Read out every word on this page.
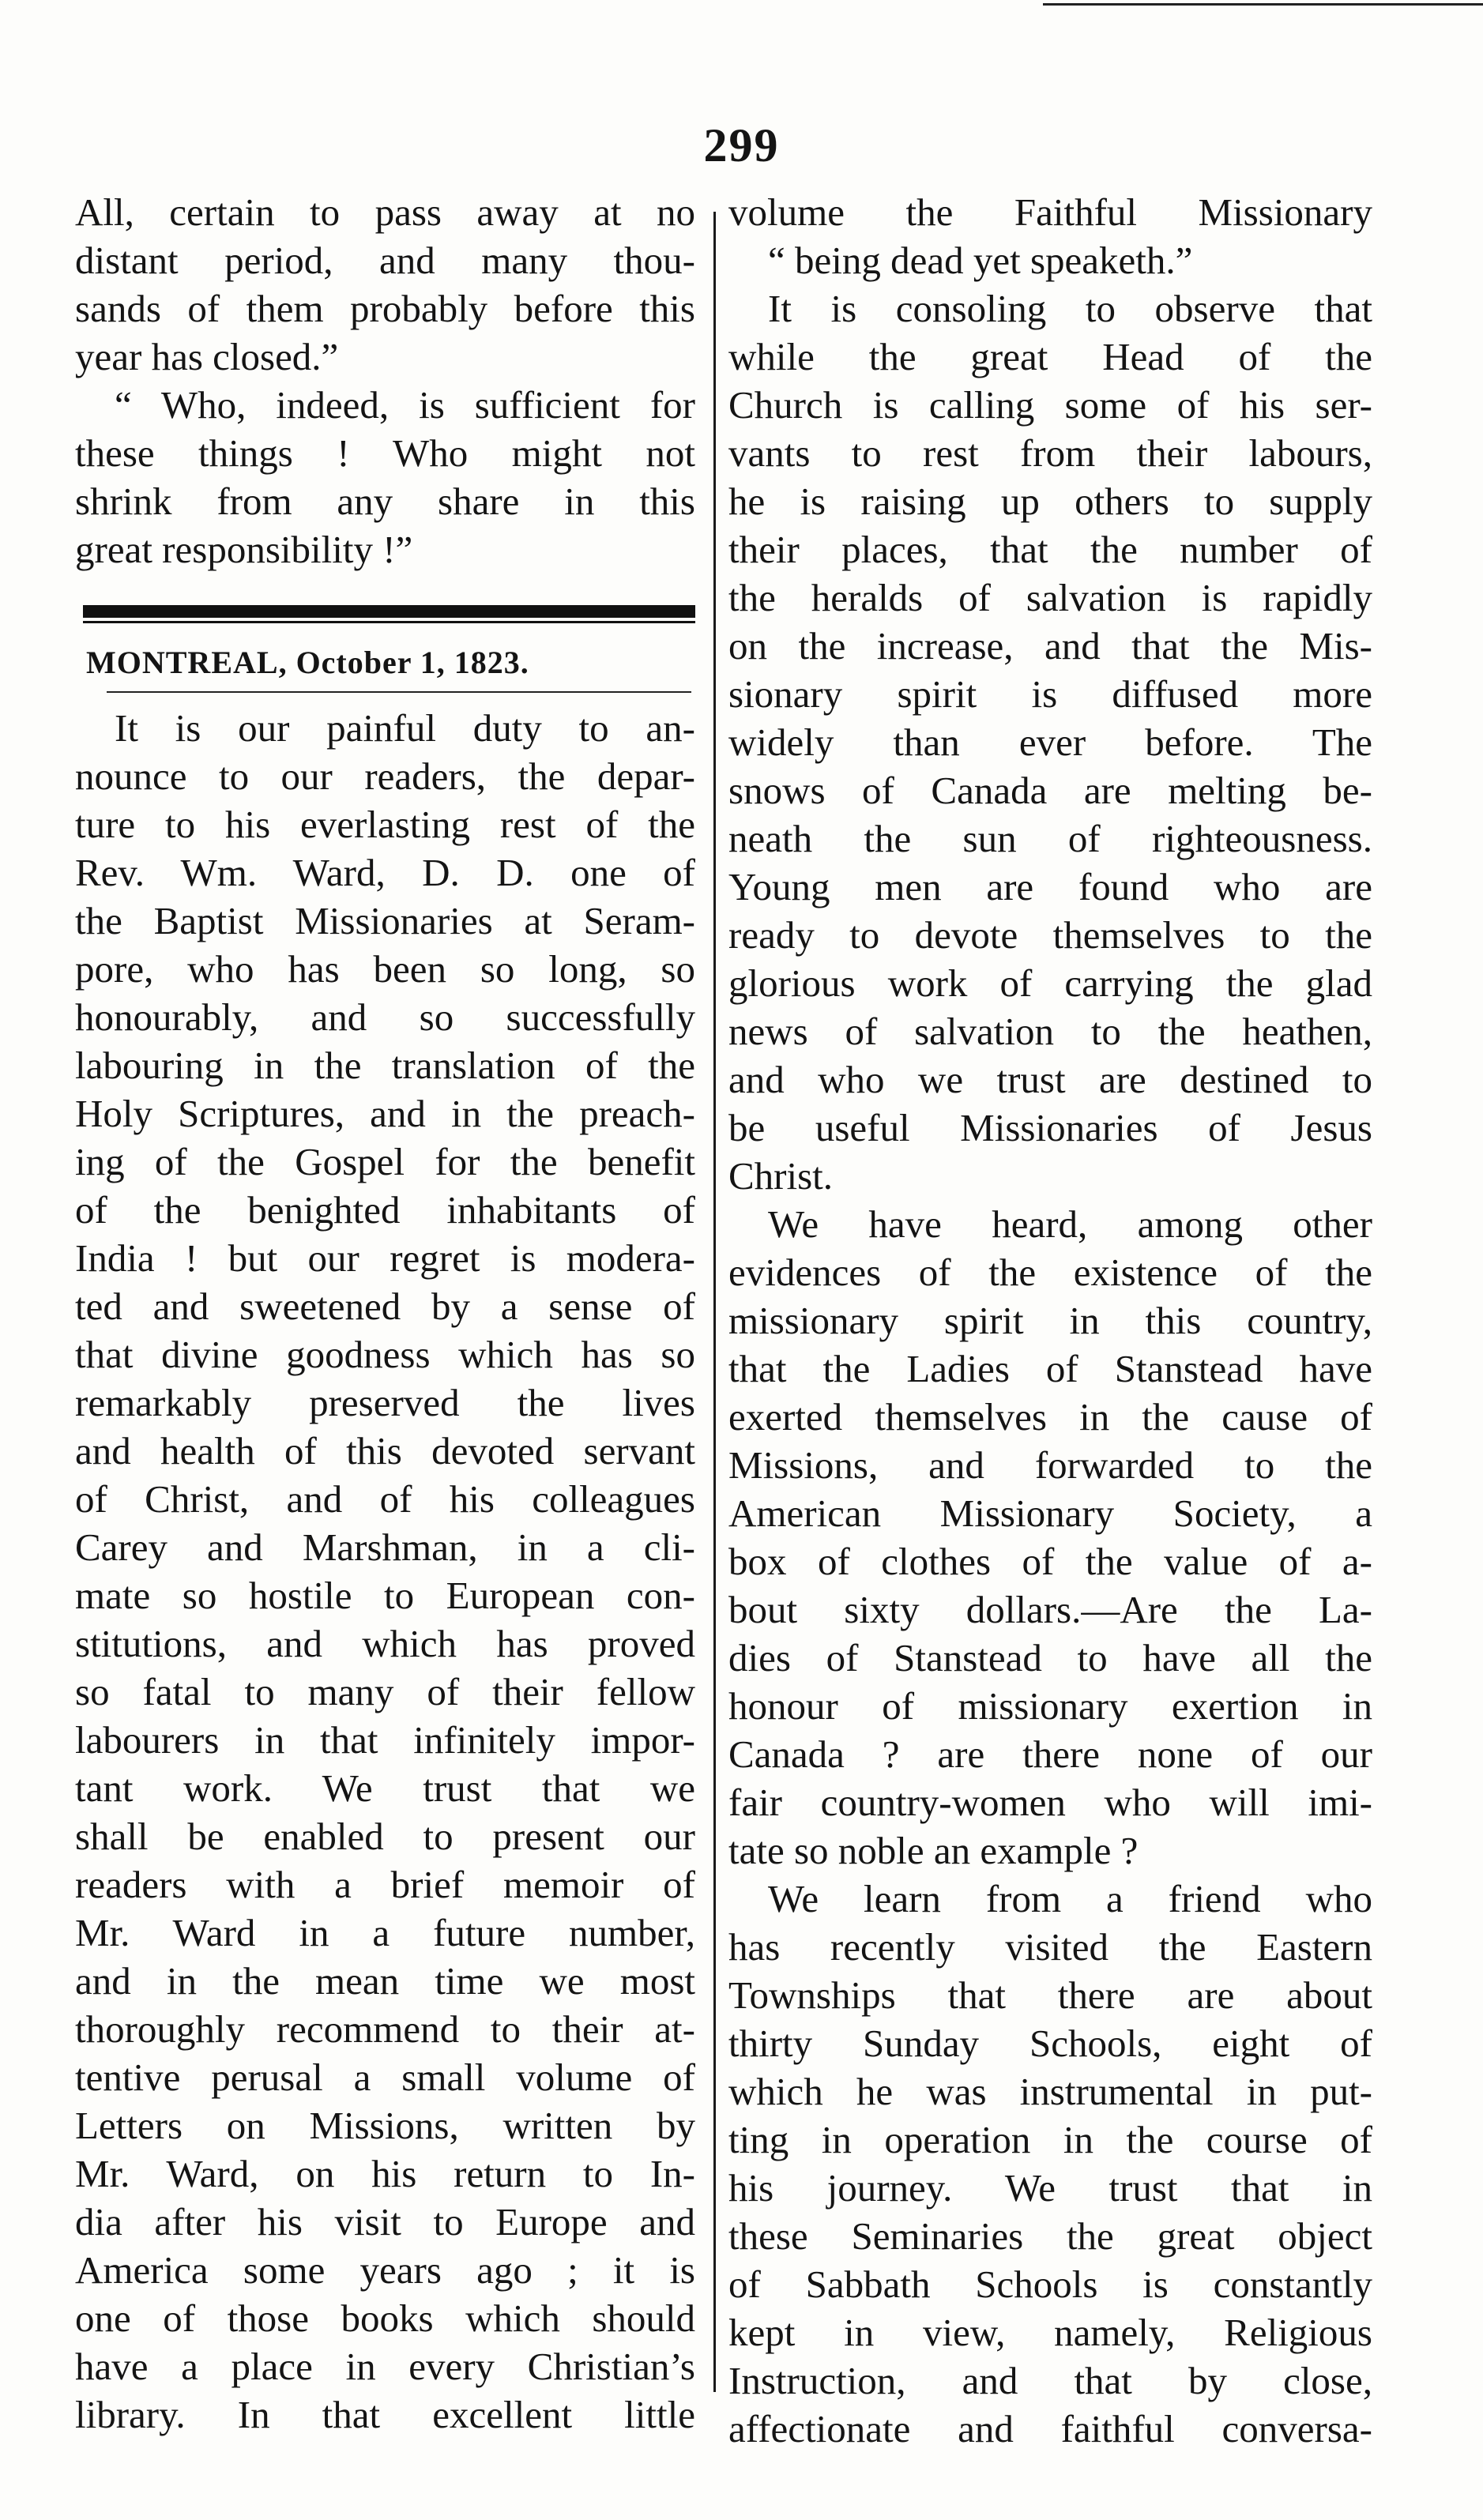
299
All, certain to pass away at no
distant period, and many thou-
sands of them probably before this
year has closed.”
“ Who, indeed, is sufficient for
these things ! Who might not
shrink from any share in this
great responsibility !”
MONTREAL, October 1, 1823.
It is our painful duty to an-
nounce to our readers, the depar-
ture to his everlasting rest of the
Rev. Wm. Ward, D. D. one of
the Baptist Missionaries at Seram-
pore, who has been so long, so
honourably, and so successfully
labouring in the translation of the
Holy Scriptures, and in the preach-
ing of the Gospel for the benefit
of the benighted inhabitants of
India ! but our regret is modera-
ted and sweetened by a sense of
that divine goodness which has so
remarkably preserved the lives
and health of this devoted servant
of Christ, and of his colleagues
Carey and Marshman, in a cli-
mate so hostile to European con-
stitutions, and which has proved
so fatal to many of their fellow
labourers in that infinitely impor-
tant work. We trust that we
shall be enabled to present our
readers with a brief memoir of
Mr. Ward in a future number,
and in the mean time we most
thoroughly recommend to their at-
tentive perusal a small volume of
Letters on Missions, written by
Mr. Ward, on his return to In-
dia after his visit to Europe and
America some years ago ; it is
one of those books which should
have a place in every Christian’s
library. In that excellent little
volume the Faithful Missionary
“ being dead yet speaketh.”
It is consoling to observe that
while the great Head of the
Church is calling some of his ser-
vants to rest from their labours,
he is raising up others to supply
their places, that the number of
the heralds of salvation is rapidly
on the increase, and that the Mis-
sionary spirit is diffused more
widely than ever before. The
snows of Canada are melting be-
neath the sun of righteousness.
Young men are found who are
ready to devote themselves to the
glorious work of carrying the glad
news of salvation to the heathen,
and who we trust are destined to
be useful Missionaries of Jesus
Christ.
We have heard, among other
evidences of the existence of the
missionary spirit in this country,
that the Ladies of Stanstead have
exerted themselves in the cause of
Missions, and forwarded to the
American Missionary Society, a
box of clothes of the value of a-
bout sixty dollars.—Are the La-
dies of Stanstead to have all the
honour of missionary exertion in
Canada ? are there none of our
fair country-women who will imi-
tate so noble an example ?
We learn from a friend who
has recently visited the Eastern
Townships that there are about
thirty Sunday Schools, eight of
which he was instrumental in put-
ting in operation in the course of
his journey. We trust that in
these Seminaries the great object
of Sabbath Schools is constantly
kept in view, namely, Religious
Instruction, and that by close,
affectionate and faithful conversa-
